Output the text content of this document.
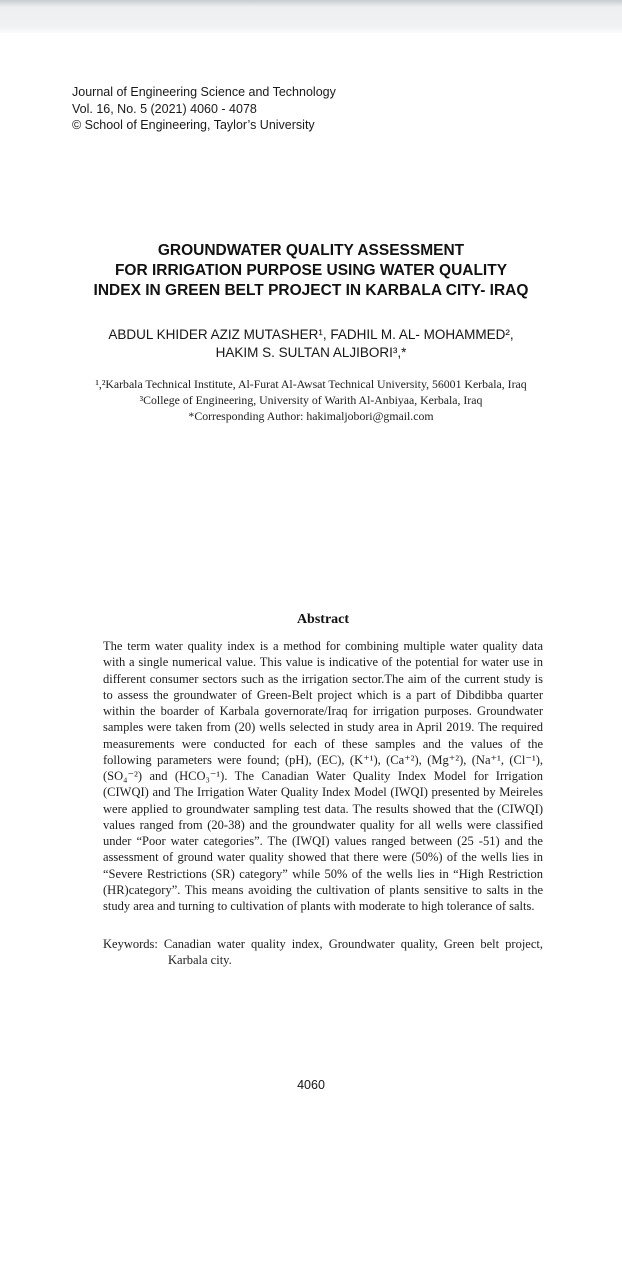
Journal of Engineering Science and Technology
Vol. 16, No. 5 (2021) 4060 - 4078
© School of Engineering, Taylor’s University
GROUNDWATER QUALITY ASSESSMENT
FOR IRRIGATION PURPOSE USING WATER QUALITY
INDEX IN GREEN BELT PROJECT IN KARBALA CITY- IRAQ
ABDUL KHIDER AZIZ MUTASHER¹, FADHIL M. AL- MOHAMMED²,
HAKIM S. SULTAN ALJIBORI³,*
¹,²Karbala Technical Institute, Al-Furat Al-Awsat Technical University, 56001 Kerbala, Iraq
³College of Engineering, University of Warith Al-Anbiyaa, Kerbala, Iraq
*Corresponding Author: hakimaljobori@gmail.com
Abstract
The term water quality index is a method for combining multiple water quality data with a single numerical value. This value is indicative of the potential for water use in different consumer sectors such as the irrigation sector.The aim of the current study is to assess the groundwater of Green-Belt project which is a part of Dibdibba quarter within the boarder of Karbala governorate/Iraq for irrigation purposes. Groundwater samples were taken from (20) wells selected in study area in April 2019. The required measurements were conducted for each of these samples and the values of the following parameters were found; (pH), (EC), (K⁺¹), (Ca⁺²), (Mg⁺²), (Na⁺¹, (Cl⁻¹), (SO₄⁻²) and (HCO₃⁻¹). The Canadian Water Quality Index Model for Irrigation (CIWQI) and The Irrigation Water Quality Index Model (IWQI) presented by Meireles were applied to groundwater sampling test data. The results showed that the (CIWQI) values ranged from (20-38) and the groundwater quality for all wells were classified under “Poor water categories”. The (IWQI) values ranged between (25 -51) and the assessment of ground water quality showed that there were (50%) of the wells lies in “Severe Restrictions (SR) category” while 50% of the wells lies in “High Restriction (HR)category”. This means avoiding the cultivation of plants sensitive to salts in the study area and turning to cultivation of plants with moderate to high tolerance of salts.
Keywords: Canadian water quality index, Groundwater quality, Green belt project, Karbala city.
4060
